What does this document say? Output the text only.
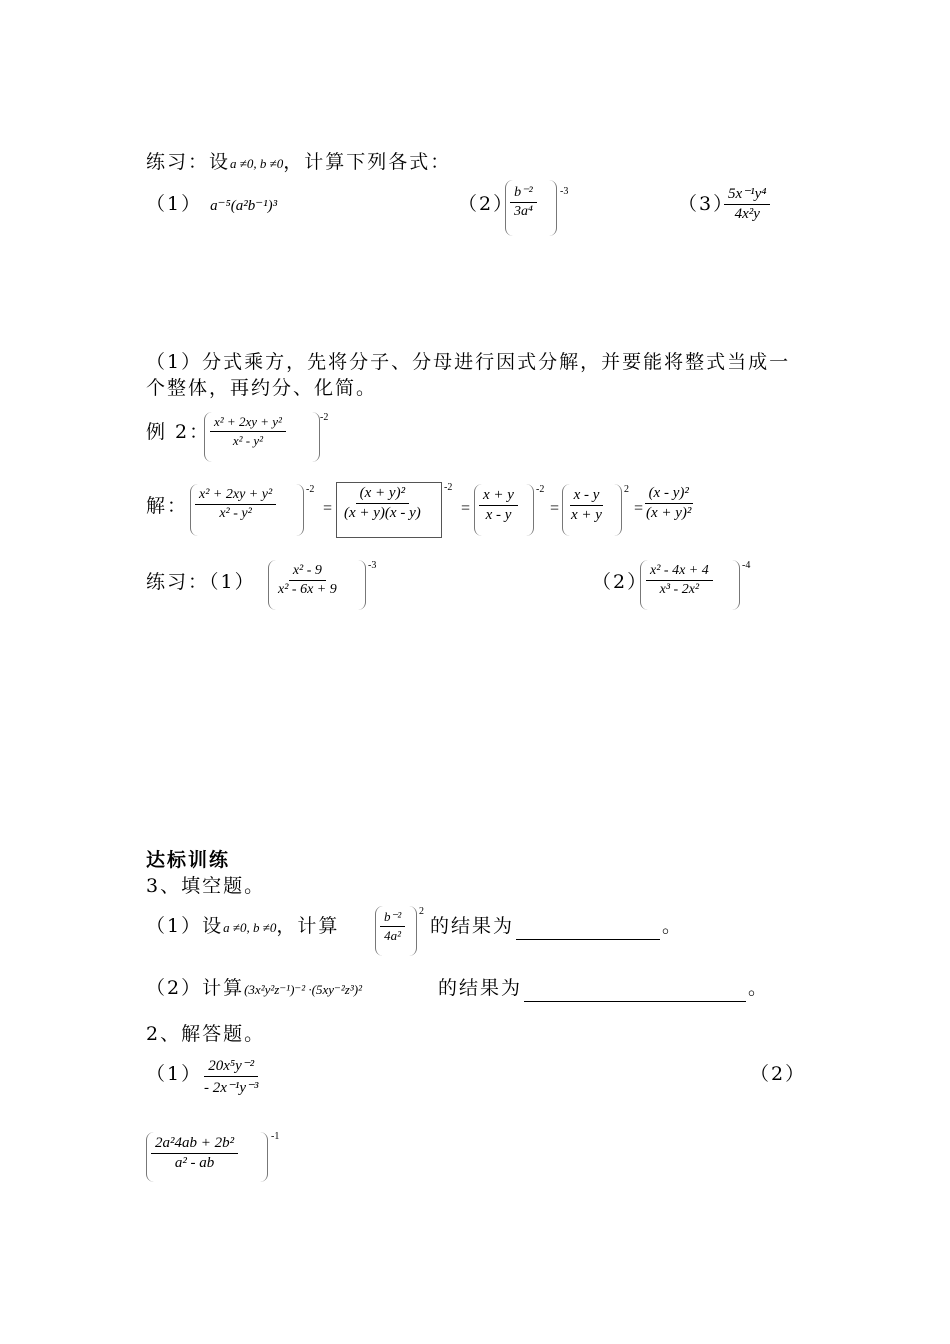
练习：设a ≠0, b ≠0，计算下列各式：
（1） a⁻⁵(a²b⁻¹)³	（2）
$\frac{\text{b⁻²}}{\text{3a⁴}} -3$
（3）
$\frac{\text{5x⁻¹y⁴}}{\text{4x²y}}$
（1）分式乘方，先将分子、分母进行因式分解，并要能将整式当成一
个整体，再约分、化简。
例 2： $\frac{\text{x² + 2xy + y²}}{\text{x² - y²}}$	-2
解： $\frac{\text{x² + 2xy + y²}}{\text{x² - y²}}$	-2
= $\frac{\text{(x + y)²}}{(x + y)(x - y)} -2$
= $\frac{x + y}{x - y} -2$
= $\frac{x - y}{x + y} 2$
=
$\frac{\text{(x - y)²}}{\text{(x + y)²}}$
练习：$(1) \frac{\text{x² - 9}}{\text{x² - 6x + 9}}$	-3
（2）
$\frac{\text{x² - 4x + 4}}{\text{x³ - 2x²}}$	-4
达标训练
3、填空题。
（1）设a ≠0, b ≠0，计算	$\frac{\text{b⁻²}}{\text{4a²}} 2$
的结果为	。
（2）计算(3x²y²z⁻¹)⁻² ·(5xy⁻²z³)²	的结果为	。
2、解答题。
（1）
$\frac{\text{20x⁵y⁻²}}{\text{- 2x⁻¹y⁻³}}$	（2）
$\frac{\text{2a²4ab + 2b²}}{\text{a² - ab}}$	-1
